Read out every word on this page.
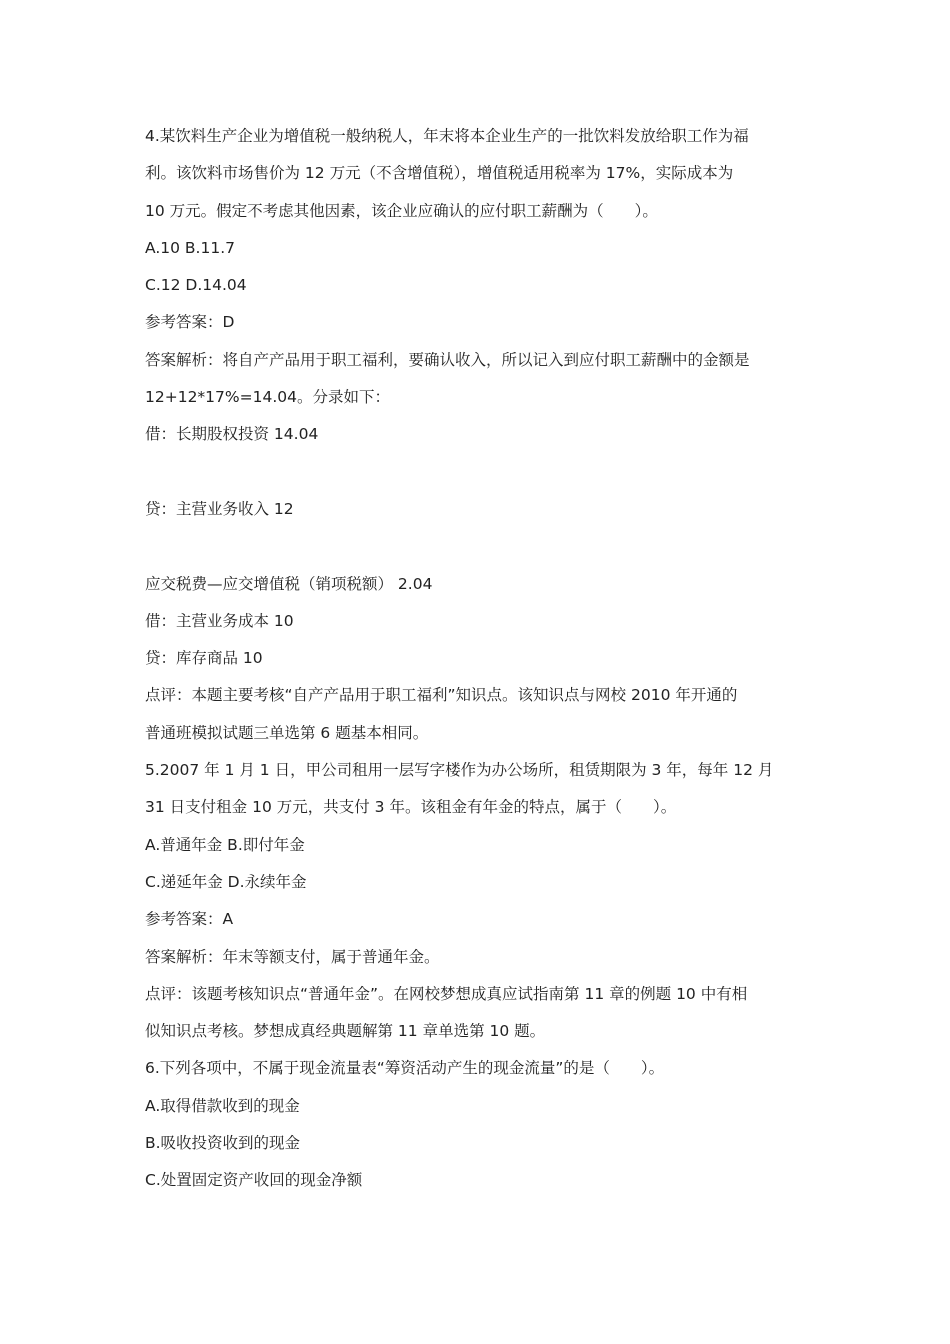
4.某饮料生产企业为增值税一般纳税人，年末将本企业生产的一批饮料发放给职工作为福
利。该饮料市场售价为 12 万元（不含增值税），增值税适用税率为 17%，实际成本为
10 万元。假定不考虑其他因素，该企业应确认的应付职工薪酬为（　　）。
A.10 B.11.7
C.12 D.14.04
参考答案：D
答案解析：将自产产品用于职工福利，要确认收入，所以记入到应付职工薪酬中的金额是
12+12*17%=14.04。分录如下：
借：长期股权投资 14.04
贷：主营业务收入 12
应交税费—应交增值税（销项税额） 2.04
借：主营业务成本 10
贷：库存商品 10
点评：本题主要考核“自产产品用于职工福利”知识点。该知识点与网校 2010 年开通的
普通班模拟试题三单选第 6 题基本相同。
5.2007 年 1 月 1 日，甲公司租用一层写字楼作为办公场所，租赁期限为 3 年，每年 12 月
31 日支付租金 10 万元，共支付 3 年。该租金有年金的特点，属于（　　）。
A.普通年金 B.即付年金
C.递延年金 D.永续年金
参考答案：A
答案解析：年末等额支付，属于普通年金。
点评：该题考核知识点“普通年金”。在网校梦想成真应试指南第 11 章的例题 10 中有相
似知识点考核。梦想成真经典题解第 11 章单选第 10 题。
6.下列各项中，不属于现金流量表“筹资活动产生的现金流量”的是（　　）。
A.取得借款收到的现金
B.吸收投资收到的现金
C.处置固定资产收回的现金净额
